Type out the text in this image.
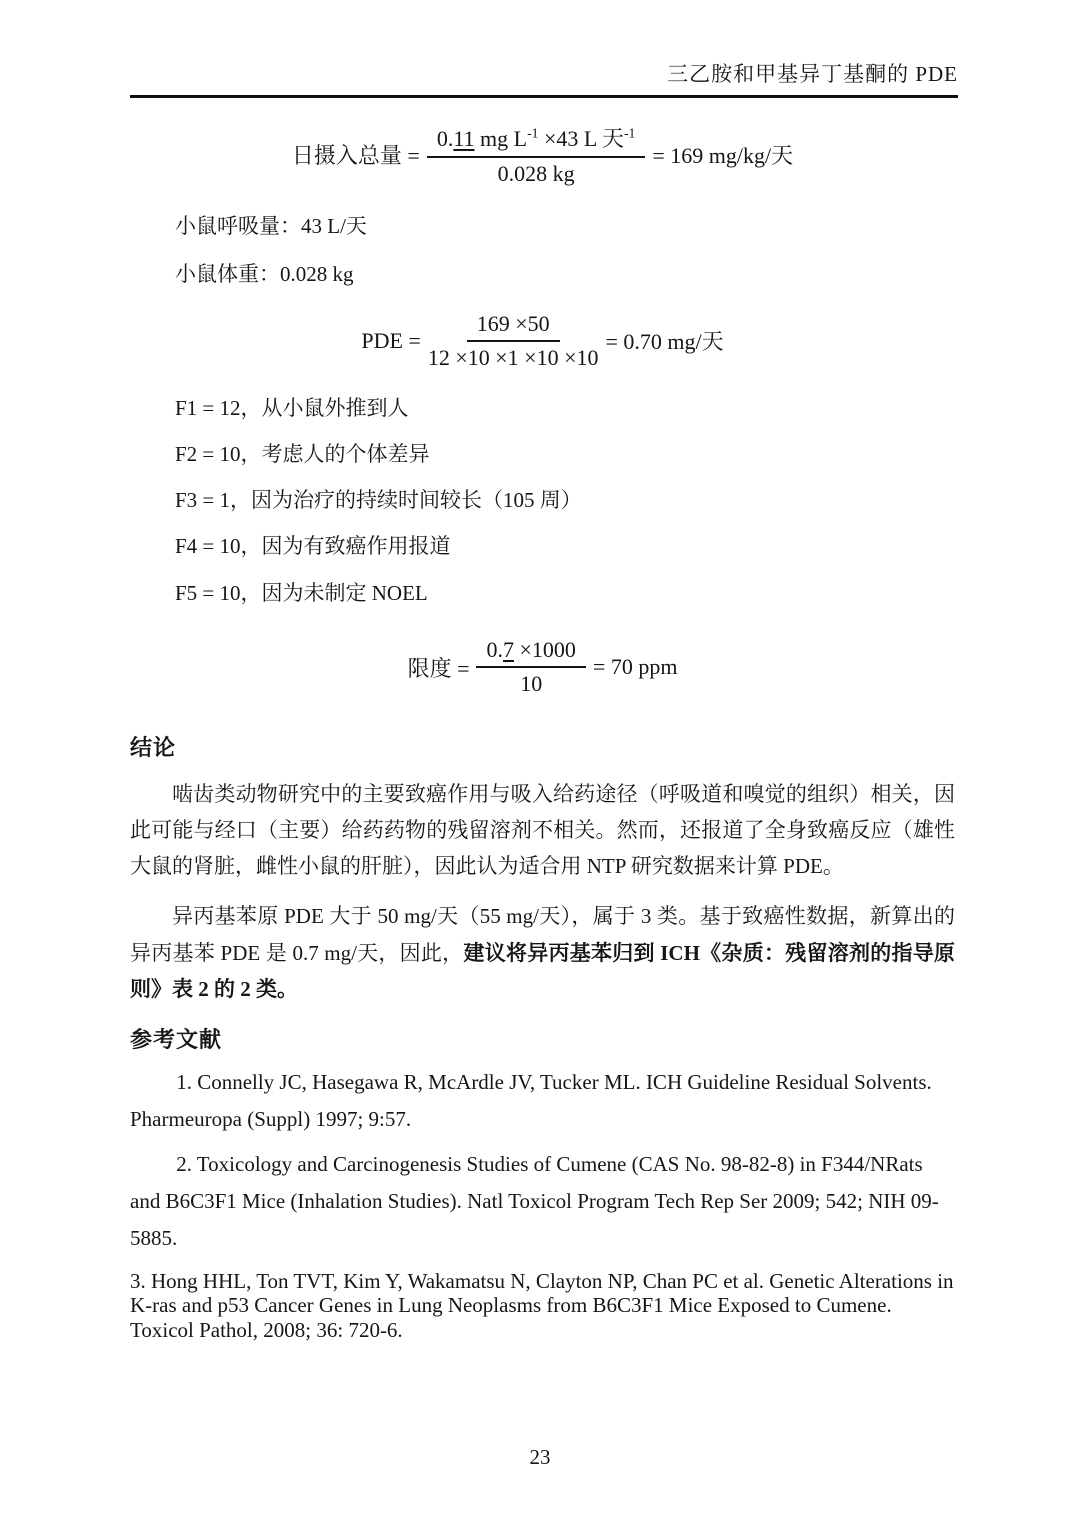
三乙胺和甲基异丁基酮的 PDE
日摄入总量 = $\frac{0.11 mg L^{-1} \times 43 L 天^{-1}}{0.028 kg} = 169$ mg/kg/天

小鼠呼吸量：43 L/天

小鼠体重：0.028 kg

PDE = $\frac{169 \times 50}{12 \times 10 \times 1 \times 10 \times 10} = 0.70$ mg/天

F1 = 12，从小鼠外推到人

F2 = 10，考虑人的个体差异

F3 = 1，因为治疗的持续时间较长（105 周）

F4 = 10，因为有致癌作用报道

F5 = 10，因为未制定 NOEL

限度 = $\frac{0.7 \times 1000}{10} = 70$ ppm
结论

啮齿类动物研究中的主要致癌作用与吸入给药途径（呼吸道和嗅觉的组织）相关，因此可能与经口（主要）给药药物的残留溶剂不相关。然而，还报道了全身致癌反应（雄性大鼠的肾脏，雌性小鼠的肝脏），因此认为适合用 NTP 研究数据来计算 PDE。

异丙基苯原 PDE 大于 50 mg/天（55 mg/天），属于 3 类。基于致癌性数据，新算出的异丙基苯 PDE 是 0.7 mg/天，因此，建议将异丙基苯归到 ICH《杂质：残留溶剂的指导原则》表 2 的 2 类。

参考文献

1. Connelly JC, Hasegawa R, McArdle JV, Tucker ML. ICH Guideline Residual Solvents. Pharmeuropa (Suppl) 1997; 9:57.

2. Toxicology and Carcinogenesis Studies of Cumene (CAS No. 98-82-8) in F344/NRats and B6C3F1 Mice (Inhalation Studies). Natl Toxicol Program Tech Rep Ser 2009; 542; NIH 09-5885.

3. Hong HHL, Ton TVT, Kim Y, Wakamatsu N, Clayton NP, Chan PC et al. Genetic Alterations in K-ras and p53 Cancer Genes in Lung Neoplasms from B6C3F1 Mice Exposed to Cumene. Toxicol Pathol, 2008; 36: 720-6.

23
